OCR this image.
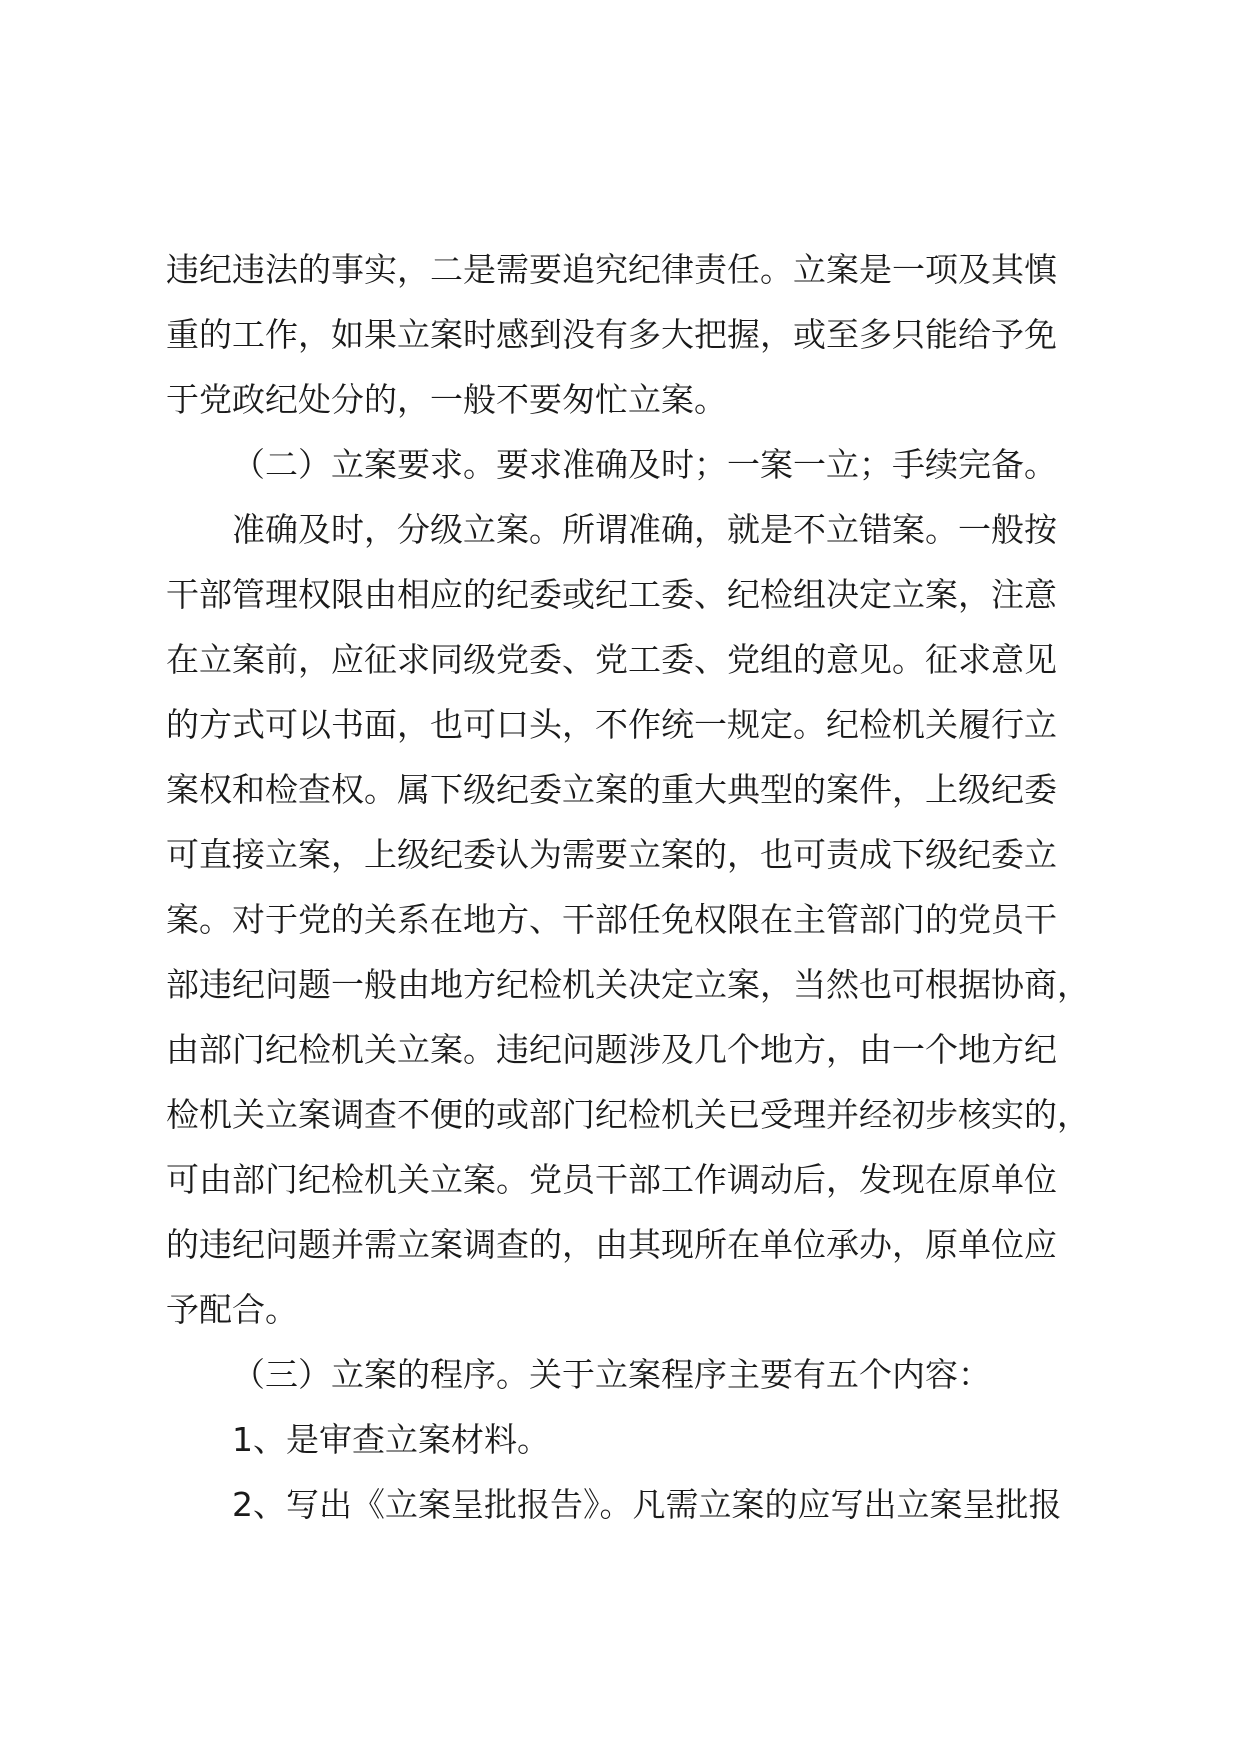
违纪违法的事实，二是需要追究纪律责任。立案是一项及其慎
重的工作，如果立案时感到没有多大把握，或至多只能给予免
于党政纪处分的，一般不要匆忙立案。
（二）立案要求。要求准确及时；一案一立；手续完备。
准确及时，分级立案。所谓准确，就是不立错案。一般按
干部管理权限由相应的纪委或纪工委、纪检组决定立案，注意
在立案前，应征求同级党委、党工委、党组的意见。征求意见
的方式可以书面，也可口头，不作统一规定。纪检机关履行立
案权和检查权。属下级纪委立案的重大典型的案件，上级纪委
可直接立案，上级纪委认为需要立案的，也可责成下级纪委立
案。对于党的关系在地方、干部任免权限在主管部门的党员干
部违纪问题一般由地方纪检机关决定立案，当然也可根据协商，
由部门纪检机关立案。违纪问题涉及几个地方，由一个地方纪
检机关立案调查不便的或部门纪检机关已受理并经初步核实的，
可由部门纪检机关立案。党员干部工作调动后，发现在原单位
的违纪问题并需立案调查的，由其现所在单位承办，原单位应
予配合。
（三）立案的程序。关于立案程序主要有五个内容：
1、是审查立案材料。
2、写出《立案呈批报告》。凡需立案的应写出立案呈批报
